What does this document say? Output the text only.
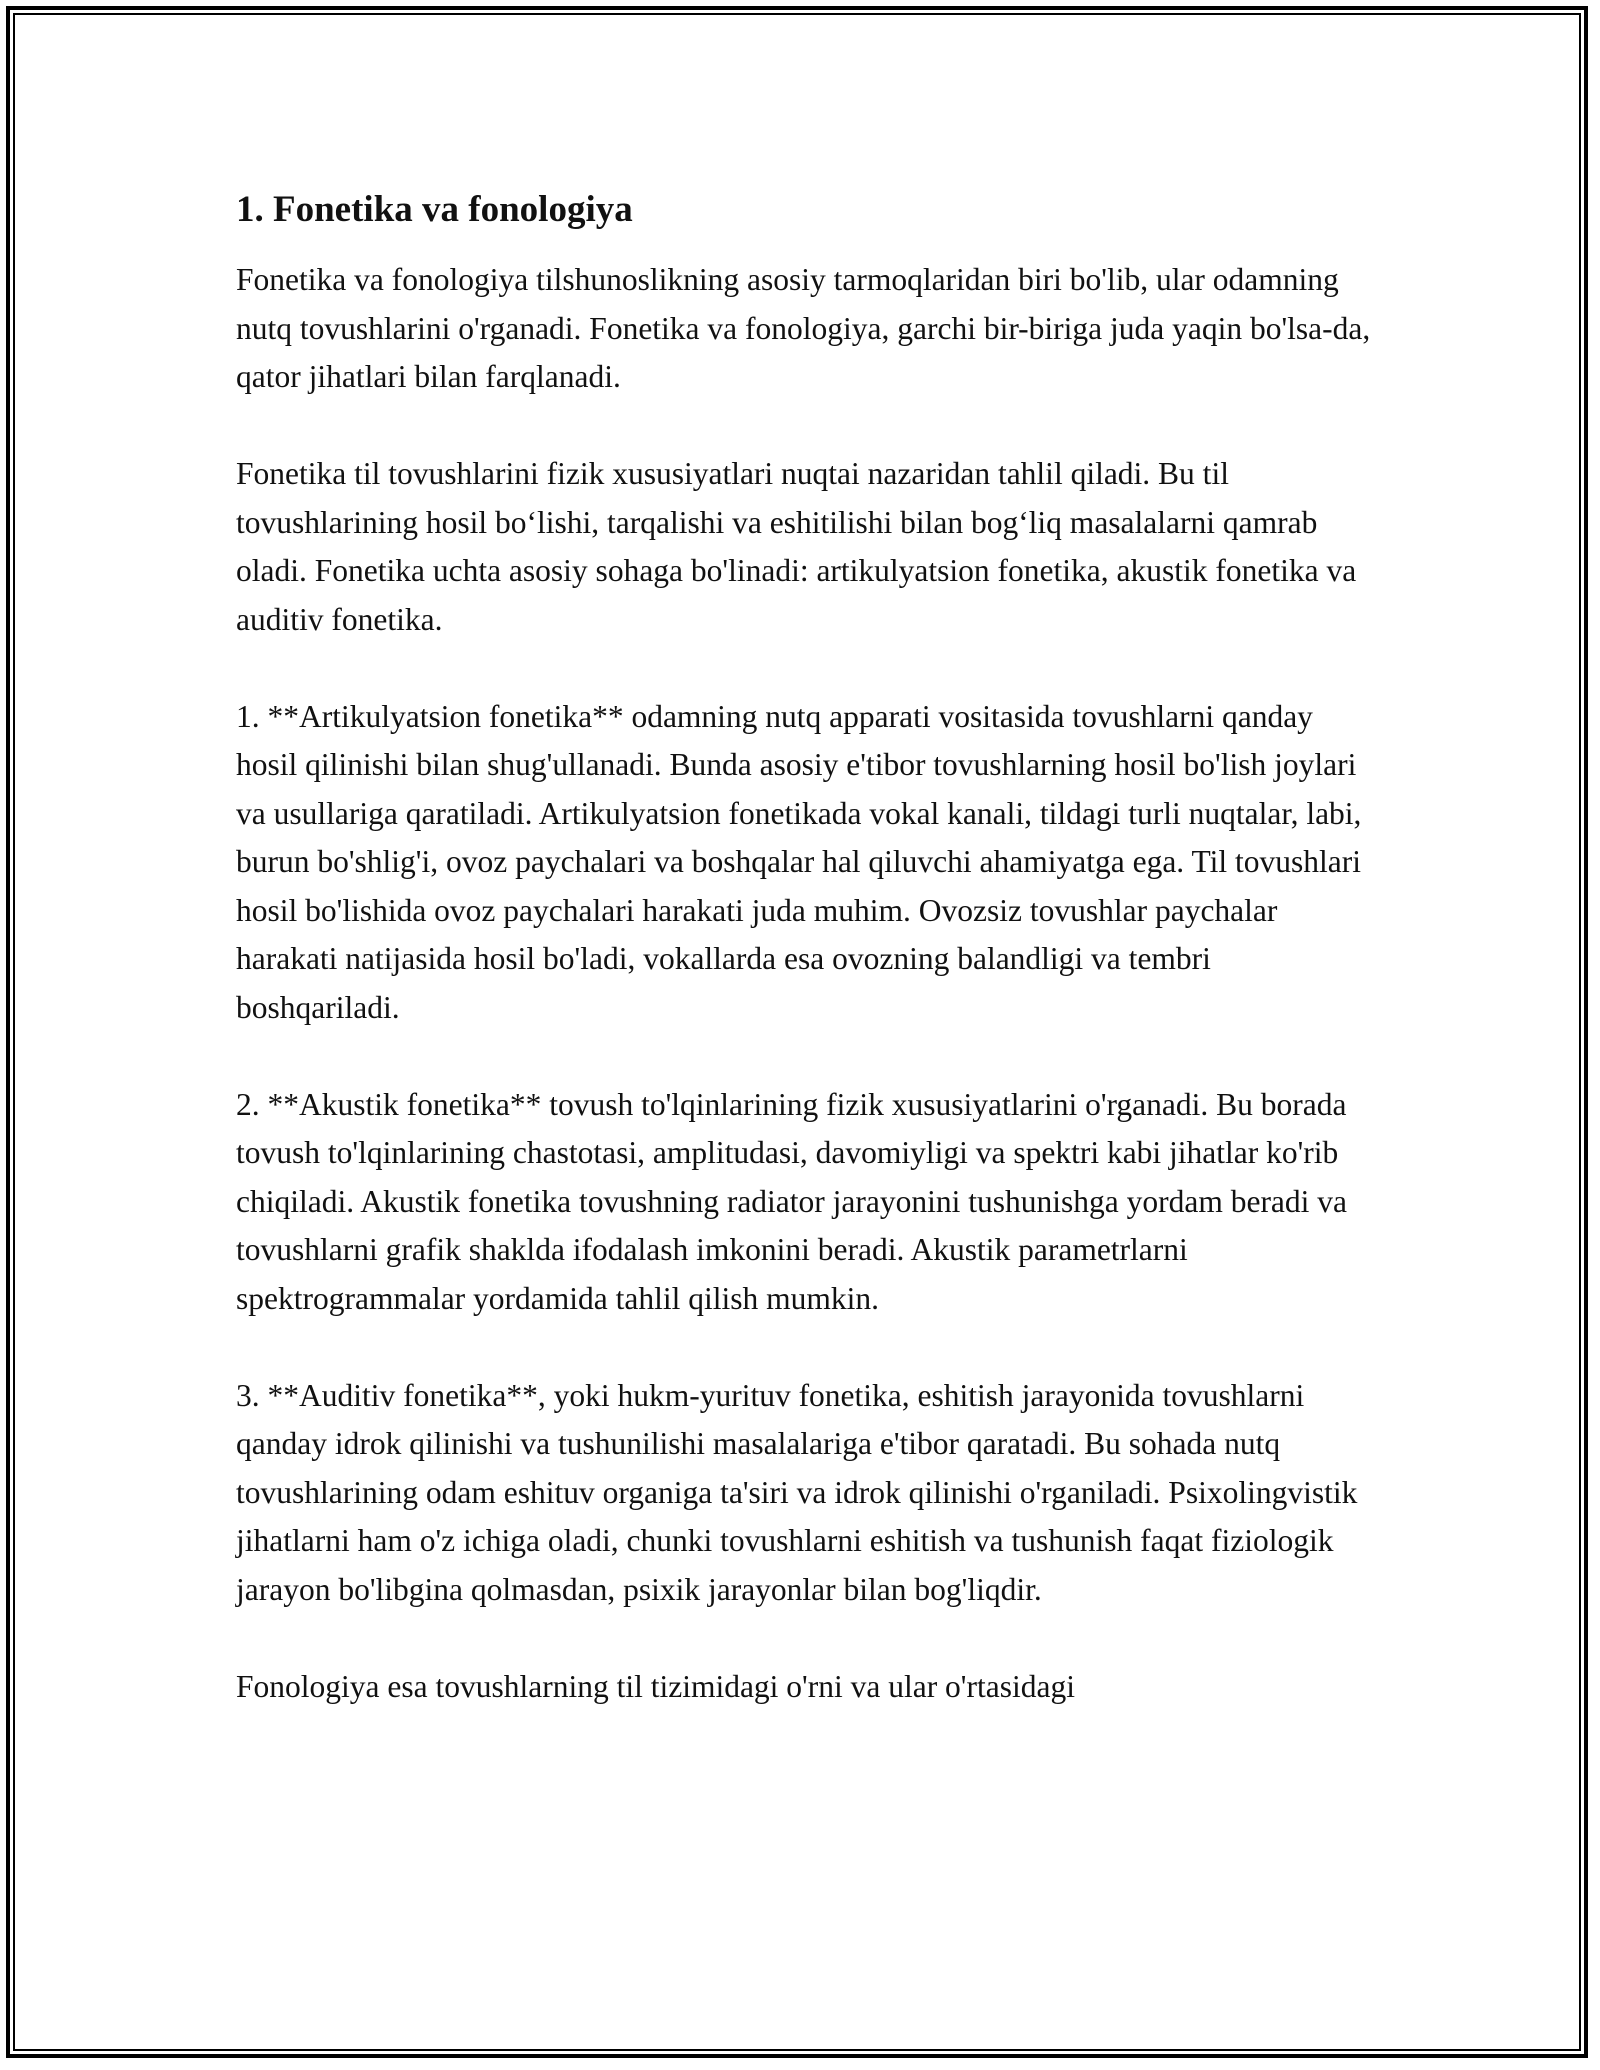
1. Fonetika va fonologiya

Fonetika va fonologiya tilshunoslikning asosiy tarmoqlaridan biri bo'lib, ular odamning nutq tovushlarini o'rganadi. Fonetika va fonologiya, garchi bir-biriga juda yaqin bo'lsa-da, qator jihatlari bilan farqlanadi.

Fonetika til tovushlarini fizik xususiyatlari nuqtai nazaridan tahlil qiladi. Bu til tovushlarining hosil bo‘lishi, tarqalishi va eshitilishi bilan bog‘liq masalalarni qamrab oladi. Fonetika uchta asosiy sohaga bo'linadi: artikulyatsion fonetika, akustik fonetika va auditiv fonetika.

1. **Artikulyatsion fonetika** odamning nutq apparati vositasida tovushlarni qanday hosil qilinishi bilan shug'ullanadi. Bunda asosiy e'tibor tovushlarning hosil bo'lish joylari va usullariga qaratiladi. Artikulyatsion fonetikada vokal kanali, tildagi turli nuqtalar, labi, burun bo'shlig'i, ovoz paychalari va boshqalar hal qiluvchi ahamiyatga ega. Til tovushlari hosil bo'lishida ovoz paychalari harakati juda muhim. Ovozsiz tovushlar paychalar harakati natijasida hosil bo'ladi, vokallarda esa ovozning balandligi va tembri boshqariladi.

2. **Akustik fonetika** tovush to'lqinlarining fizik xususiyatlarini o'rganadi. Bu borada tovush to'lqinlarining chastotasi, amplitudasi, davomiyligi va spektri kabi jihatlar ko'rib chiqiladi. Akustik fonetika tovushning radiator jarayonini tushunishga yordam beradi va tovushlarni grafik shaklda ifodalash imkonini beradi. Akustik parametrlarni spektrogrammalar yordamida tahlil qilish mumkin.

3. **Auditiv fonetika**, yoki hukm-yurituv fonetika, eshitish jarayonida tovushlarni qanday idrok qilinishi va tushunilishi masalalariga e'tibor qaratadi. Bu sohada nutq tovushlarining odam eshituv organiga ta'siri va idrok qilinishi o'rganiladi. Psixolingvistik jihatlarni ham o'z ichiga oladi, chunki tovushlarni eshitish va tushunish faqat fiziologik jarayon bo'libgina qolmasdan, psixik jarayonlar bilan bog'liqdir.

Fonologiya esa tovushlarning til tizimidagi o'rni va ular o'rtasidagi
